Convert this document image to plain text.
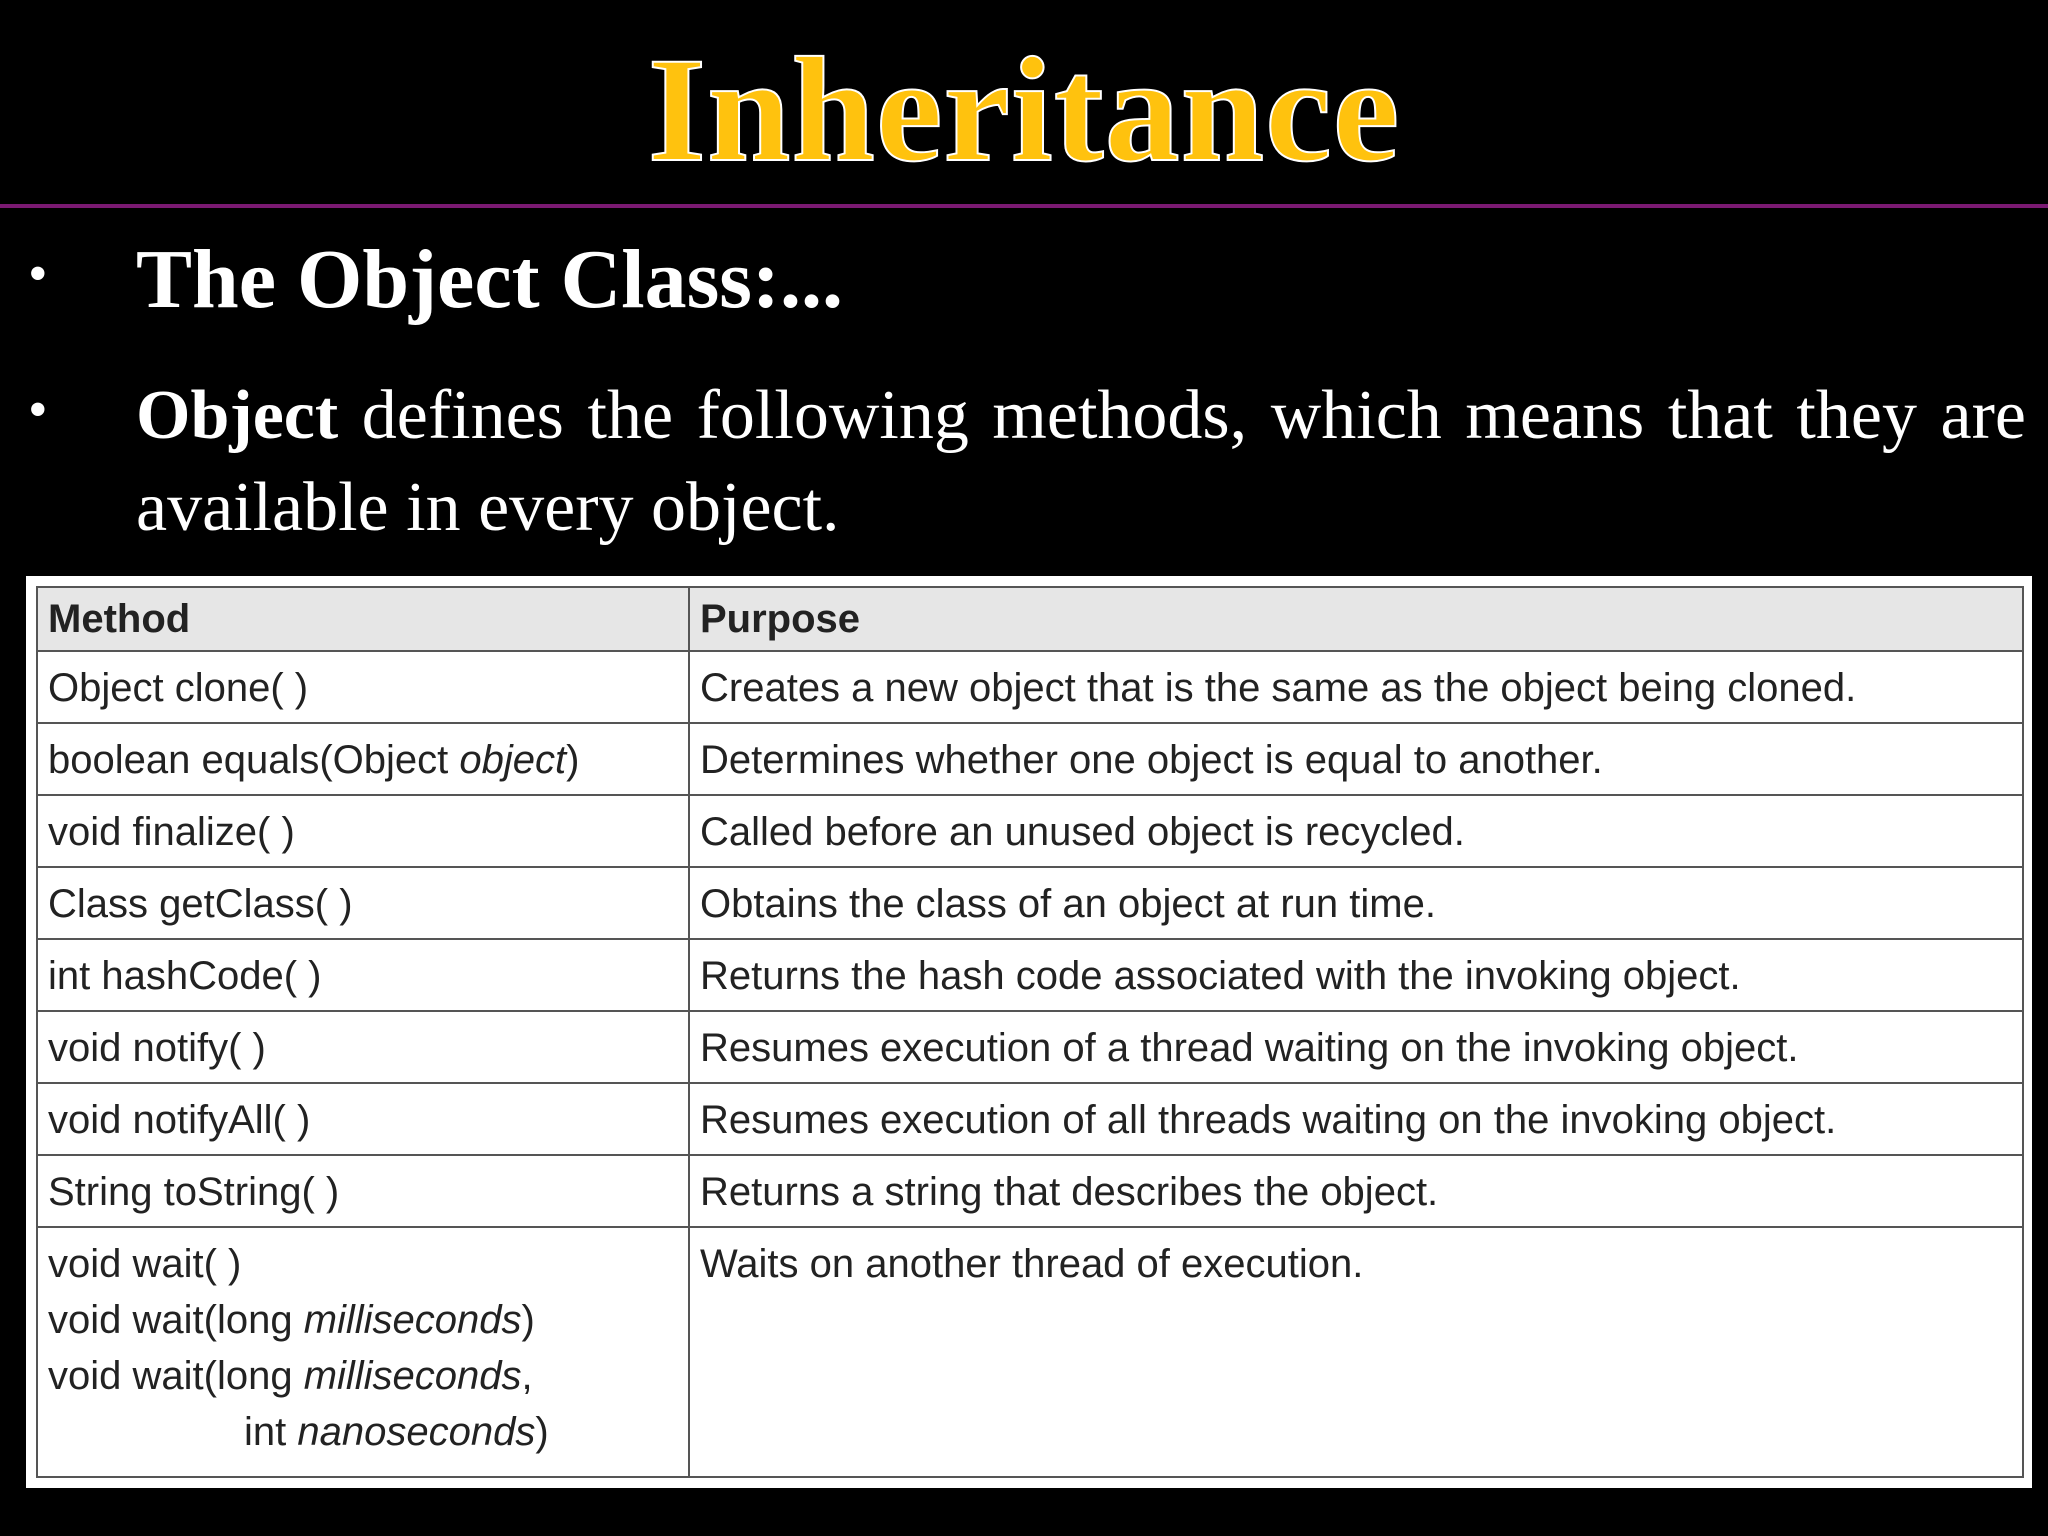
Inheritance
• The Object Class:...
• Object defines the following methods, which means that they are available in every object.
Method	Purpose
Object clone( )	Creates a new object that is the same as the object being cloned.
boolean equals(Object object)	Determines whether one object is equal to another.
void finalize( )	Called before an unused object is recycled.
Class getClass( )	Obtains the class of an object at run time.
int hashCode( )	Returns the hash code associated with the invoking object.
void notify( )	Resumes execution of a thread waiting on the invoking object.
void notifyAll( )	Resumes execution of all threads waiting on the invoking object.
String toString( )	Returns a string that describes the object.

void wait( )
void wait(long milliseconds)
void wait(long milliseconds,
int nanoseconds)	Waits on another thread of execution.
